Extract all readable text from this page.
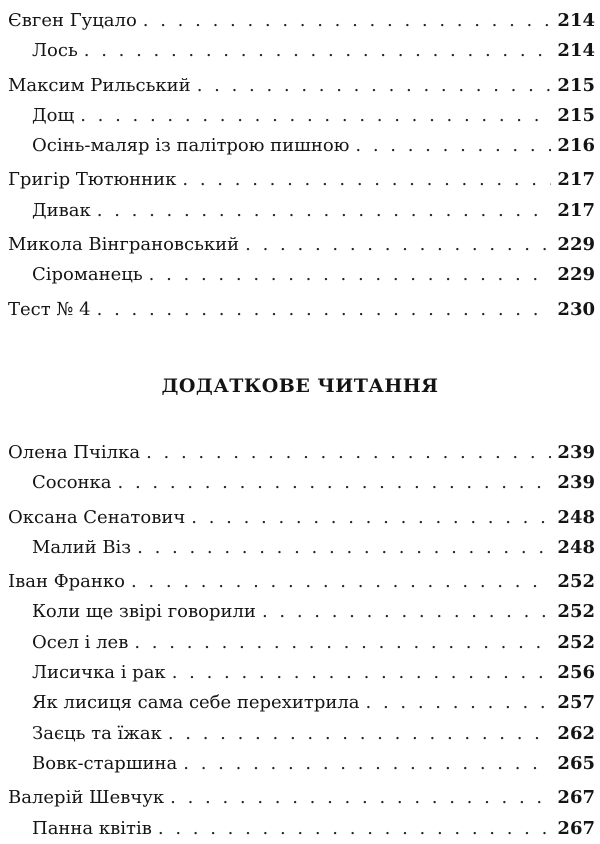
Євген Гуцало . . .	214
Лось . . .	214
Максим Рильський . . .	215
Дощ . . .	215
Осінь-маляр із палітрою пишною . . .	216
Григір Тютюнник . . .	217
Дивак . . .	217
Микола Вінграновський . . .	229
Сіроманець . . .	229
Тест № 4 . . .	230
ДОДАТКОВЕ ЧИТАННЯ
Олена Пчілка . . .	239
Сосонка . . .	239
Оксана Сенатович . . .	248
Малий Віз . . .	248
Іван Франко . . .	252
Коли ще звірі говорили . . .	252
Осел і лев . . .	252
Лисичка і рак . . .	256
Як лисиця сама себе перехитрила . . .	257
Заєць та їжак . . .	262
Вовк-старшина . . .	265
Валерій Шевчук . . .	267
Панна квітів . . .	267
